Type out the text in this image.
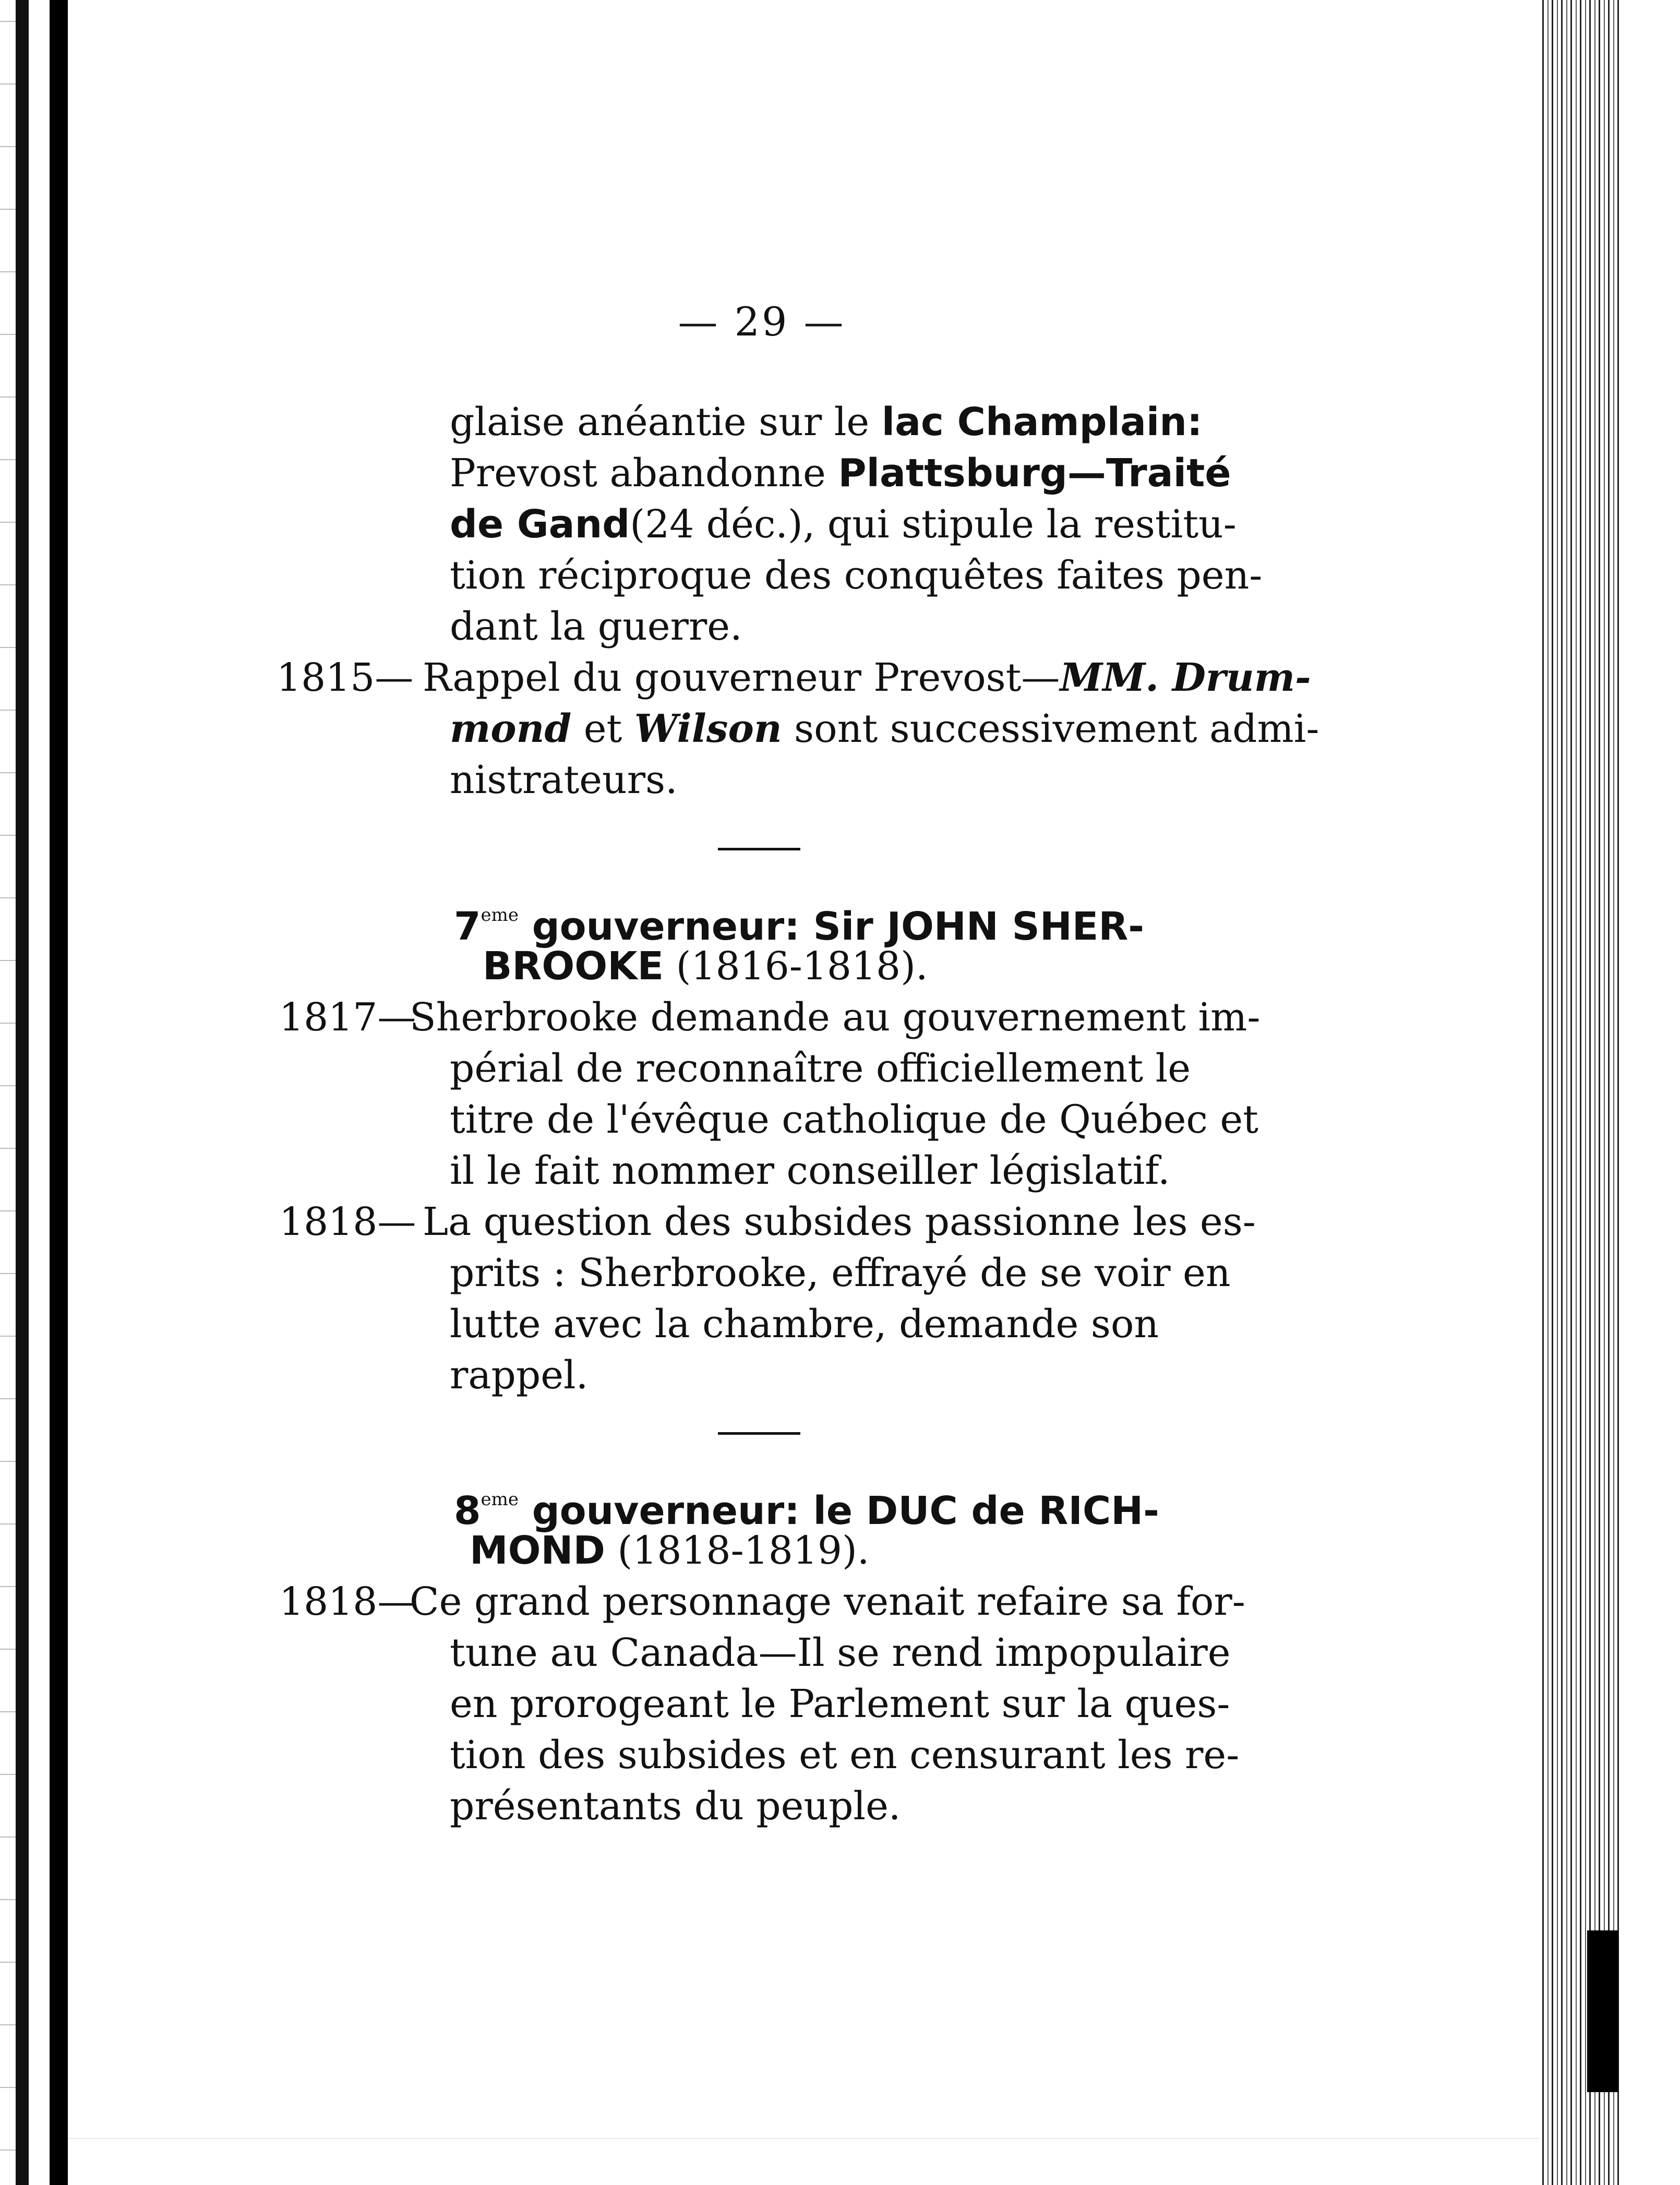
— 29 —
glaise anéantie sur le lac Champlain:
Prevost abandonne Plattsburg—Traité
de Gand(24 déc.), qui stipule la restitu-
tion réciproque des conquêtes faites pen-
dant la guerre.
1815— Rappel du gouverneur Prevost—MM. Drum-
mond et Wilson sont successivement admi-
nistrateurs.
7eme gouverneur: Sir JOHN SHER-
BROOKE (1816-1818).
1817—
Sherbrooke demande au gouvernement im-
périal de reconnaître officiellement le
titre de l'évêque catholique de Québec et
il le fait nommer conseiller législatif.
1818— La question des subsides passionne les es-
prits : Sherbrooke, effrayé de se voir en
lutte avec la chambre, demande son
rappel.
8eme gouverneur: le DUC de RICH-
MOND (1818-1819).
1818—
Ce grand personnage venait refaire sa for-
tune au Canada—Il se rend impopulaire
en prorogeant le Parlement sur la ques-
tion des subsides et en censurant les re-
présentants du peuple.
